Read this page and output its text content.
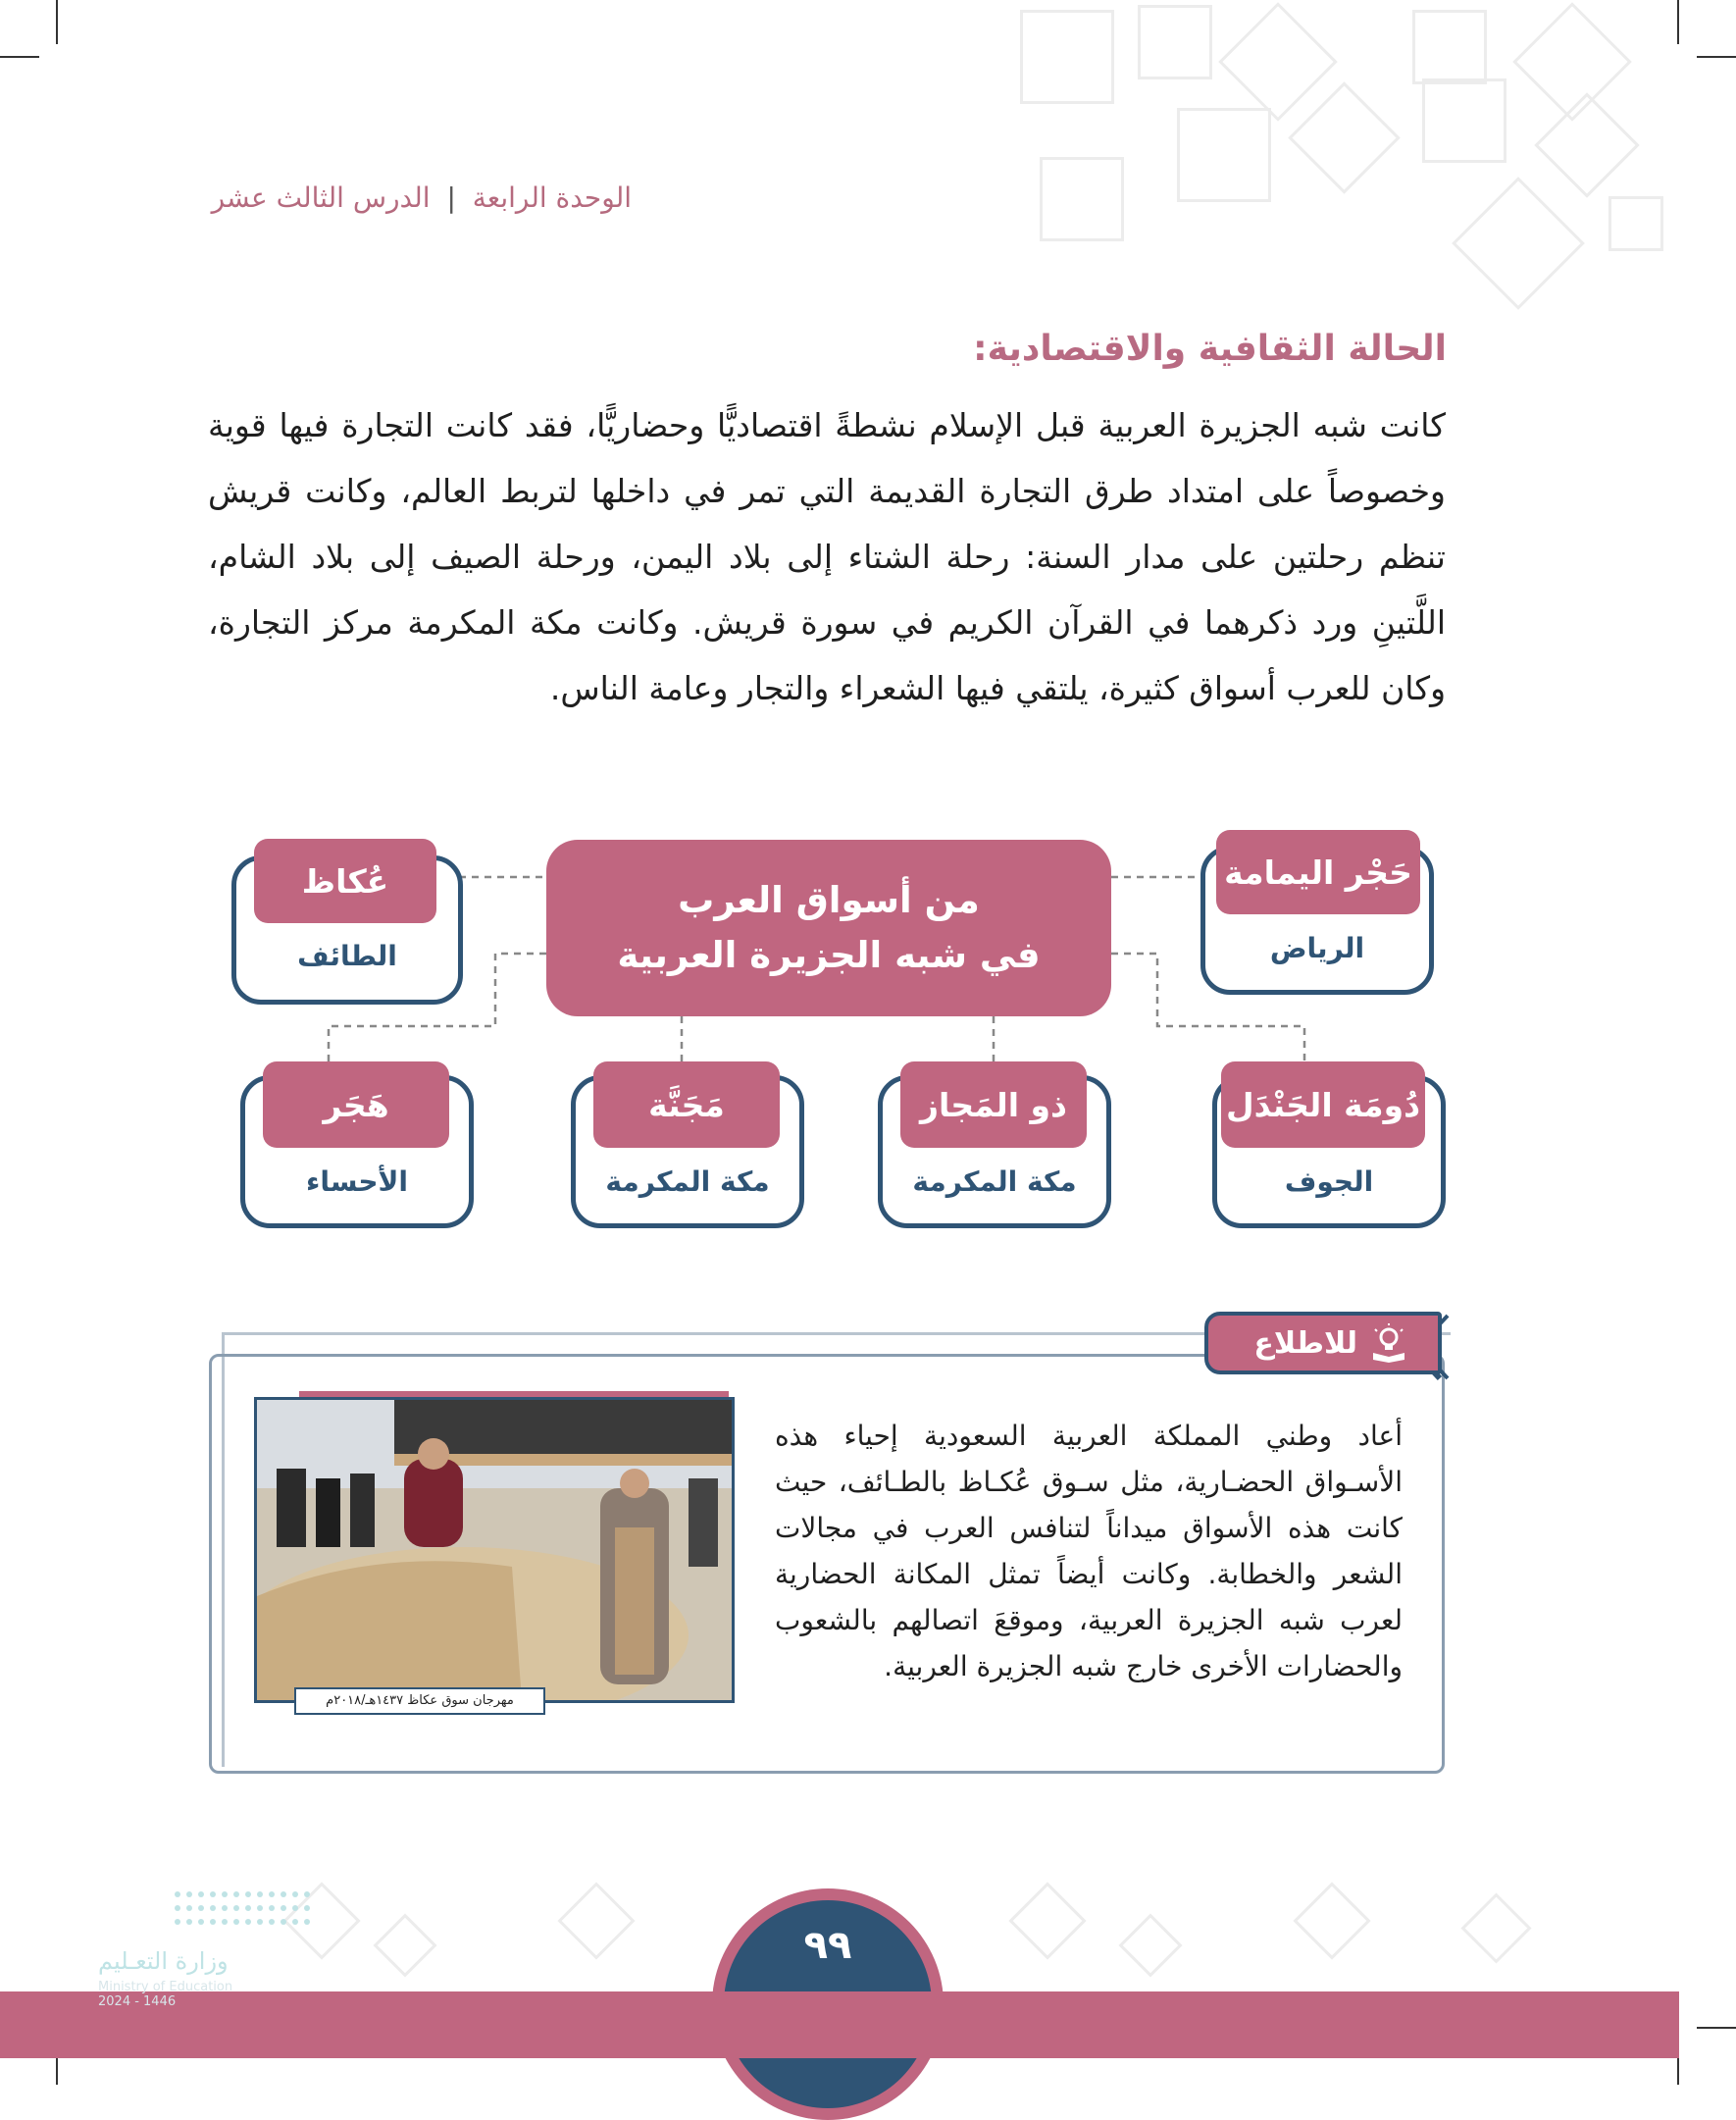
الوحدة الرابعة | الدرس الثالث عشر
الحالة الثقافية والاقتصادية:

كانت شبه الجزيرة العربية قبل الإسلام نشطةً اقتصاديًّا وحضاريًّا، فقد كانت التجارة فيها قوية وخصوصاً على امتداد طرق التجارة القديمة التي تمر في داخلها لتربط العالم، وكانت قريش تنظم رحلتين على مدار السنة: رحلة الشتاء إلى بلاد اليمن، ورحلة الصيف إلى بلاد الشام، اللَّتينِ ورد ذكرهما في القرآن الكريم في سورة قريش. وكانت مكة المكرمة مركز التجارة، وكان للعرب أسواق كثيرة، يلتقي فيها الشعراء والتجار وعامة الناس.

من أسواق العرب
في شبه الجزيرة العربية
عُكاظ
الطائف
حَجْر اليمامة
الرياض
هَجَر
الأحساء
مَجَنَّة
مكة المكرمة
ذو المَجاز
مكة المكرمة
دُومَة الجَنْدَل
الجوف
للاطلاع

أعاد وطني المملكة العربية السعودية إحياء هذه الأسـواق الحضـارية، مثل سـوق عُكـاظ بالطـائف، حيث كانت هذه الأسواق ميداناً لتنافس العرب في مجالات الشعر والخطابة. وكانت أيضاً تمثل المكانة الحضارية لعرب شبه الجزيرة العربية، وموقعَ اتصالهم بالشعوب والحضارات الأخرى خارج شبه الجزيرة العربية.

مهرجان سوق عكاظ ١٤٣٧هـ/٢٠١٨م
٩٩
وزارة التعـليم
Ministry of Education
2024 - 1446
